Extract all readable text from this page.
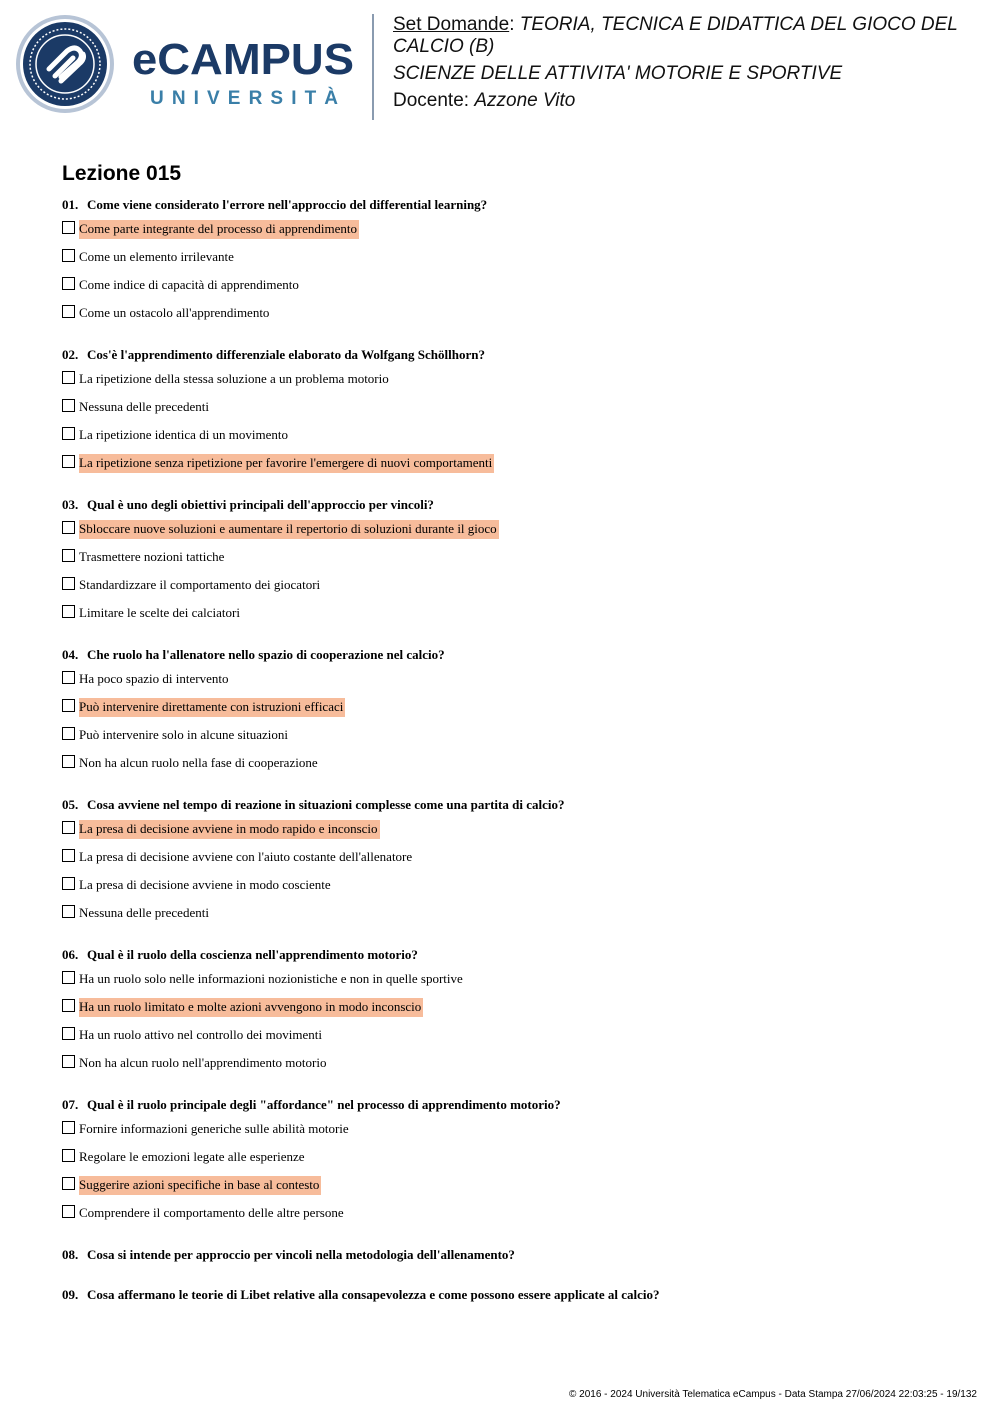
eCAMPUS
UNIVERSITÀ
Set Domande: TEORIA, TECNICA E DIDATTICA DEL GIOCO DEL CALCIO (B)
SCIENZE DELLE ATTIVITA' MOTORIE E SPORTIVE
Docente: Azzone Vito
Lezione 015
01. Come viene considerato l'errore nell'approccio del differential learning?
Come parte integrante del processo di apprendimento
Come un elemento irrilevante
Come indice di capacità di apprendimento
Come un ostacolo all'apprendimento
02. Cos'è l'apprendimento differenziale elaborato da Wolfgang Schöllhorn?
La ripetizione della stessa soluzione a un problema motorio
Nessuna delle precedenti
La ripetizione identica di un movimento
La ripetizione senza ripetizione per favorire l'emergere di nuovi comportamenti
03. Qual è uno degli obiettivi principali dell'approccio per vincoli?
Sbloccare nuove soluzioni e aumentare il repertorio di soluzioni durante il gioco
Trasmettere nozioni tattiche
Standardizzare il comportamento dei giocatori
Limitare le scelte dei calciatori
04. Che ruolo ha l'allenatore nello spazio di cooperazione nel calcio?
Ha poco spazio di intervento
Può intervenire direttamente con istruzioni efficaci
Può intervenire solo in alcune situazioni
Non ha alcun ruolo nella fase di cooperazione
05. Cosa avviene nel tempo di reazione in situazioni complesse come una partita di calcio?
La presa di decisione avviene in modo rapido e inconscio
La presa di decisione avviene con l'aiuto costante dell'allenatore
La presa di decisione avviene in modo cosciente
Nessuna delle precedenti
06. Qual è il ruolo della coscienza nell'apprendimento motorio?
Ha un ruolo solo nelle informazioni nozionistiche e non in quelle sportive
Ha un ruolo limitato e molte azioni avvengono in modo inconscio
Ha un ruolo attivo nel controllo dei movimenti
Non ha alcun ruolo nell'apprendimento motorio
07. Qual è il ruolo principale degli "affordance" nel processo di apprendimento motorio?
Fornire informazioni generiche sulle abilità motorie
Regolare le emozioni legate alle esperienze
Suggerire azioni specifiche in base al contesto
Comprendere il comportamento delle altre persone
08. Cosa si intende per approccio per vincoli nella metodologia dell'allenamento?
09. Cosa affermano le teorie di Libet relative alla consapevolezza e come possono essere applicate al calcio?
© 2016 - 2024 Università Telematica eCampus - Data Stampa 27/06/2024 22:03:25 - 19/132
